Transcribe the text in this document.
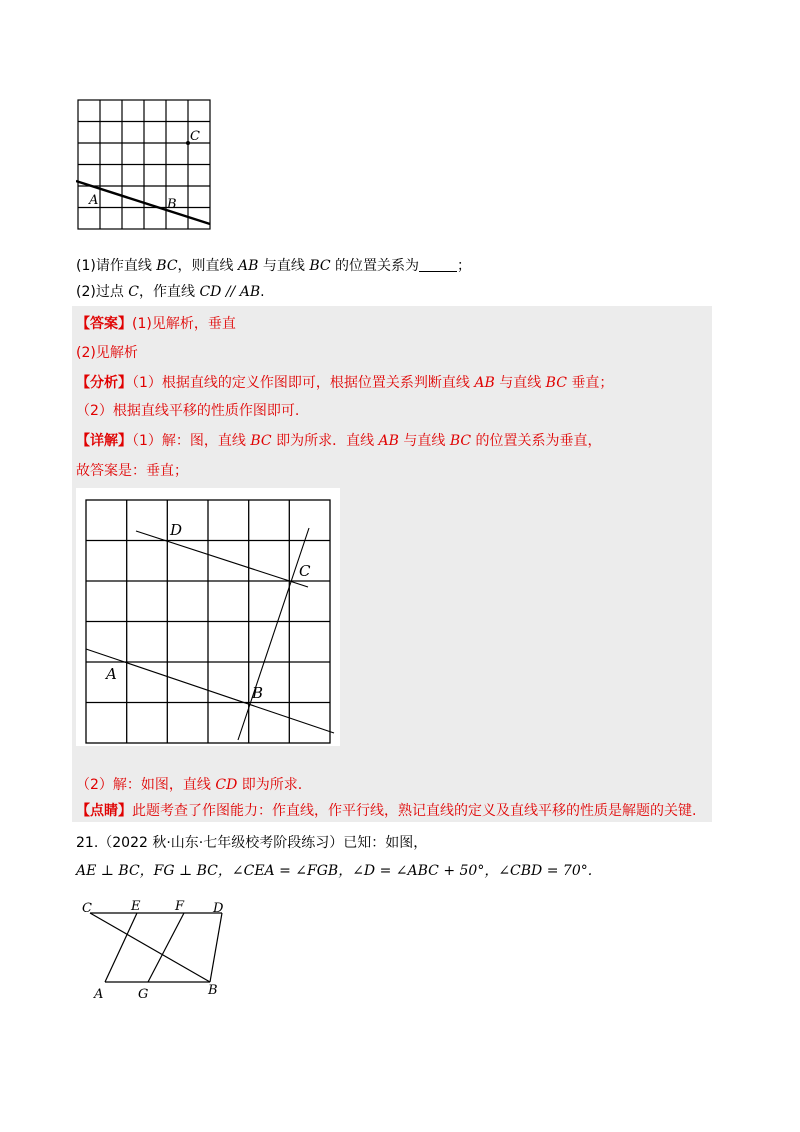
C
A	B
(1)请作直线 BC，则直线 AB 与直线 BC 的位置关系为	；
(2)过点 C，作直线 CD // AB.
【答案】(1)见解析，垂直
(2)见解析
【分析】（1）根据直线的定义作图即可，根据位置关系判断直线 AB 与直线 BC 垂直；
（2）根据直线平移的性质作图即可.
【详解】（1）解：图，直线 BC 即为所求．直线 AB 与直线 BC 的位置关系为垂直，
故答案是：垂直；
D
C
A
B
（2）解：如图，直线 CD 即为所求.
【点睛】此题考查了作图能力：作直线，作平行线，熟记直线的定义及直线平移的性质是解题的关键.
21.（2022 秋·山东·七年级校考阶段练习）已知：如图，
AE ⊥ BC，FG ⊥ BC，∠CEA = ∠FGB，∠D = ∠ABC + 50°，∠CBD = 70°.
C	E	F D
A	G	B
